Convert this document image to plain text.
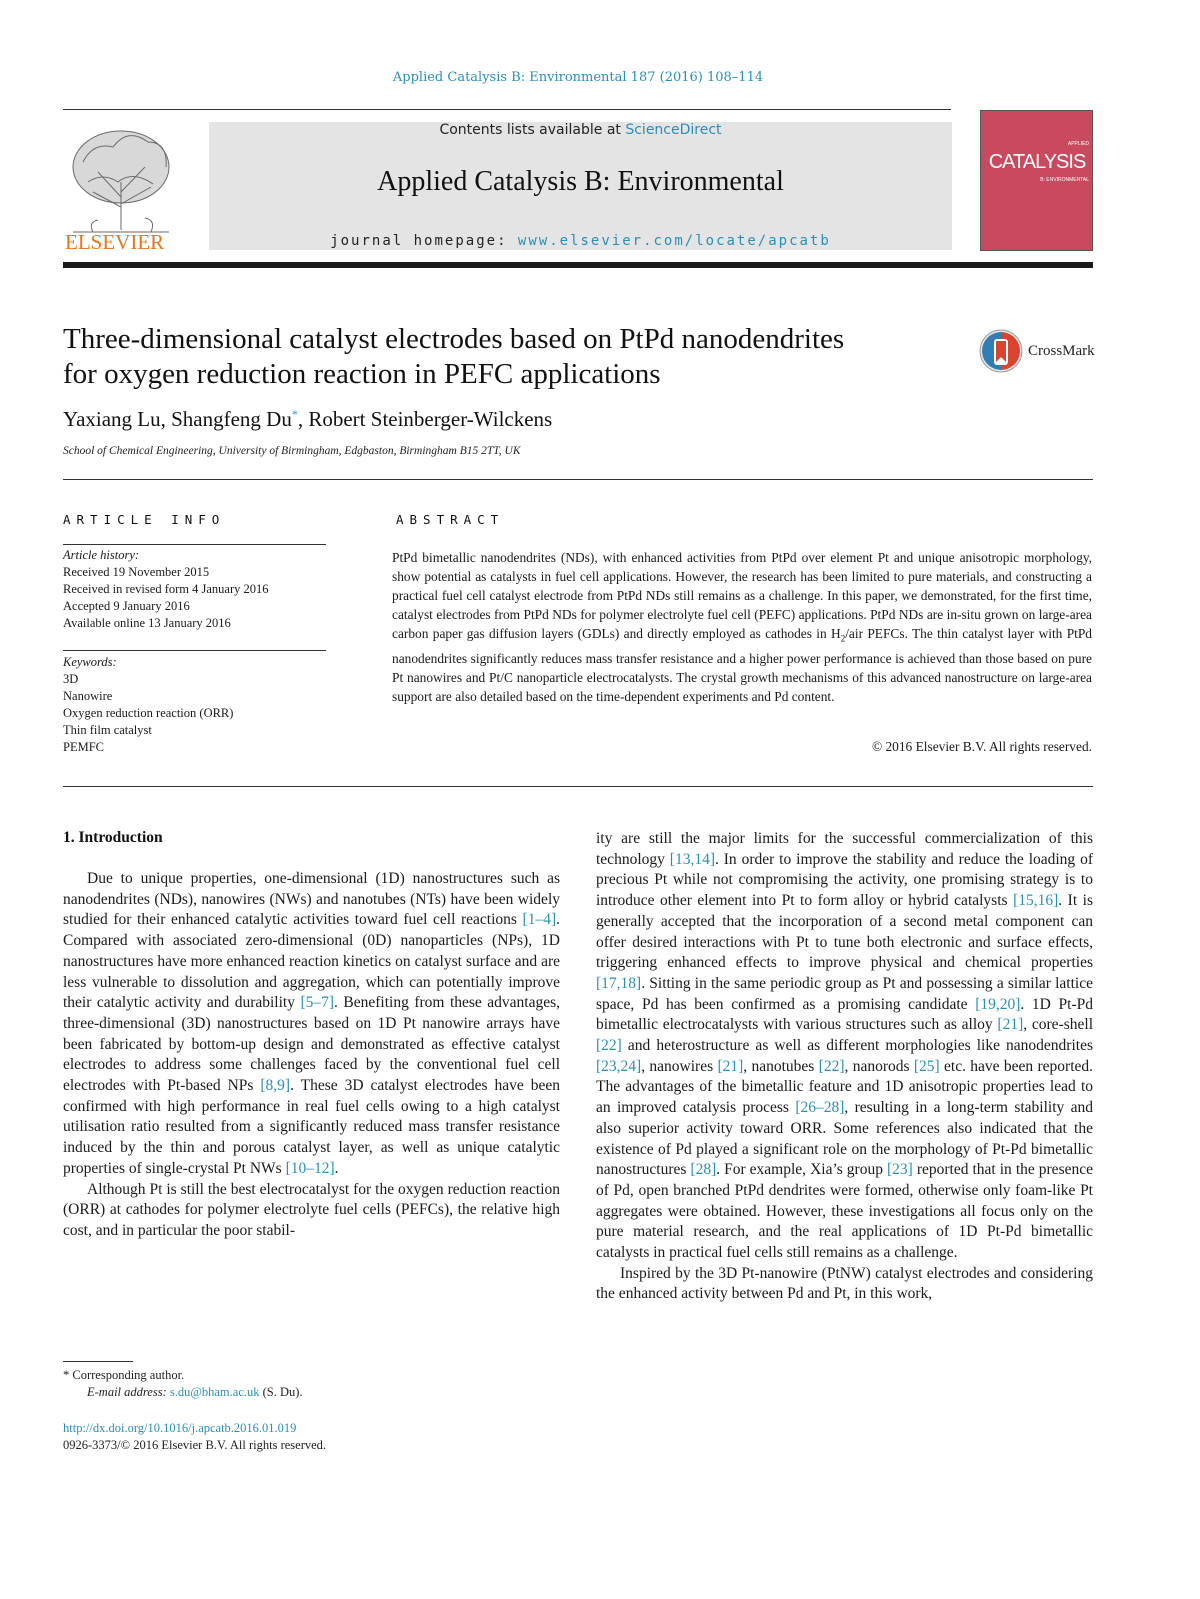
Applied Catalysis B: Environmental 187 (2016) 108–114
ELSEVIER
Contents lists available at ScienceDirect
Applied Catalysis B: Environmental
journal homepage: www.elsevier.com/locate/apcatb
APPLIED
CATALYSIS
B: ENVIRONMENTAL
Three-dimensional catalyst electrodes based on PtPd nanodendrites
for oxygen reduction reaction in PEFC applications
CrossMark
Yaxiang Lu, Shangfeng Du*, Robert Steinberger-Wilckens
School of Chemical Engineering, University of Birmingham, Edgbaston, Birmingham B15 2TT, UK
ARTICLE INFO
Article history:
Received 19 November 2015
Received in revised form 4 January 2016
Accepted 9 January 2016
Available online 13 January 2016
Keywords:
3D
Nanowire
Oxygen reduction reaction (ORR)
Thin film catalyst
PEMFC
ABSTRACT
PtPd bimetallic nanodendrites (NDs), with enhanced activities from PtPd over element Pt and unique anisotropic morphology, show potential as catalysts in fuel cell applications. However, the research has been limited to pure materials, and constructing a practical fuel cell catalyst electrode from PtPd NDs still remains as a challenge. In this paper, we demonstrated, for the first time, catalyst electrodes from PtPd NDs for polymer electrolyte fuel cell (PEFC) applications. PtPd NDs are in-situ grown on large-area carbon paper gas diffusion layers (GDLs) and directly employed as cathodes in $H_2$/air PEFCs. The thin catalyst layer with PtPd nanodendrites significantly reduces mass transfer resistance and a higher power performance is achieved than those based on pure Pt nanowires and Pt/C nanoparticle electrocatalysts. The crystal growth mechanisms of this advanced nanostructure on large-area support are also detailed based on the time-dependent experiments and Pd content.
© 2016 Elsevier B.V. All rights reserved.
1. Introduction

Due to unique properties, one-dimensional (1D) nanostructures such as nanodendrites (NDs), nanowires (NWs) and nanotubes (NTs) have been widely studied for their enhanced catalytic activities toward fuel cell reactions [1–4]. Compared with associated zero-dimensional (0D) nanoparticles (NPs), 1D nanostructures have more enhanced reaction kinetics on catalyst surface and are less vulnerable to dissolution and aggregation, which can potentially improve their catalytic activity and durability [5–7]. Benefiting from these advantages, three-dimensional (3D) nanostructures based on 1D Pt nanowire arrays have been fabricated by bottom-up design and demonstrated as effective catalyst electrodes to address some challenges faced by the conventional fuel cell electrodes with Pt-based NPs [8,9]. These 3D catalyst electrodes have been confirmed with high performance in real fuel cells owing to a high catalyst utilisation ratio resulted from a significantly reduced mass transfer resistance induced by the thin and porous catalyst layer, as well as unique catalytic properties of single-crystal Pt NWs [10–12].

Although Pt is still the best electrocatalyst for the oxygen reduction reaction (ORR) at cathodes for polymer electrolyte fuel cells (PEFCs), the relative high cost, and in particular the poor stabil-

ity are still the major limits for the successful commercialization of this technology [13,14]. In order to improve the stability and reduce the loading of precious Pt while not compromising the activity, one promising strategy is to introduce other element into Pt to form alloy or hybrid catalysts [15,16]. It is generally accepted that the incorporation of a second metal component can offer desired interactions with Pt to tune both electronic and surface effects, triggering enhanced effects to improve physical and chemical properties [17,18]. Sitting in the same periodic group as Pt and possessing a similar lattice space, Pd has been confirmed as a promising candidate [19,20]. 1D Pt-Pd bimetallic electrocatalysts with various structures such as alloy [21], core-shell [22] and heterostructure as well as different morphologies like nanodendrites [23,24], nanowires [21], nanotubes [22], nanorods [25] etc. have been reported. The advantages of the bimetallic feature and 1D anisotropic properties lead to an improved catalysis process [26–28], resulting in a long-term stability and also superior activity toward ORR. Some references also indicated that the existence of Pd played a significant role on the morphology of Pt-Pd bimetallic nanostructures [28]. For example, Xia’s group [23] reported that in the presence of Pd, open branched PtPd dendrites were formed, otherwise only foam-like Pt aggregates were obtained. However, these investigations all focus only on the pure material research, and the real applications of 1D Pt-Pd bimetallic catalysts in practical fuel cells still remains as a challenge.

Inspired by the 3D Pt-nanowire (PtNW) catalyst electrodes and considering the enhanced activity between Pd and Pt, in this work,

* Corresponding author.
E-mail address: s.du@bham.ac.uk (S. Du).
http://dx.doi.org/10.1016/j.apcatb.2016.01.019
0926-3373/© 2016 Elsevier B.V. All rights reserved.
